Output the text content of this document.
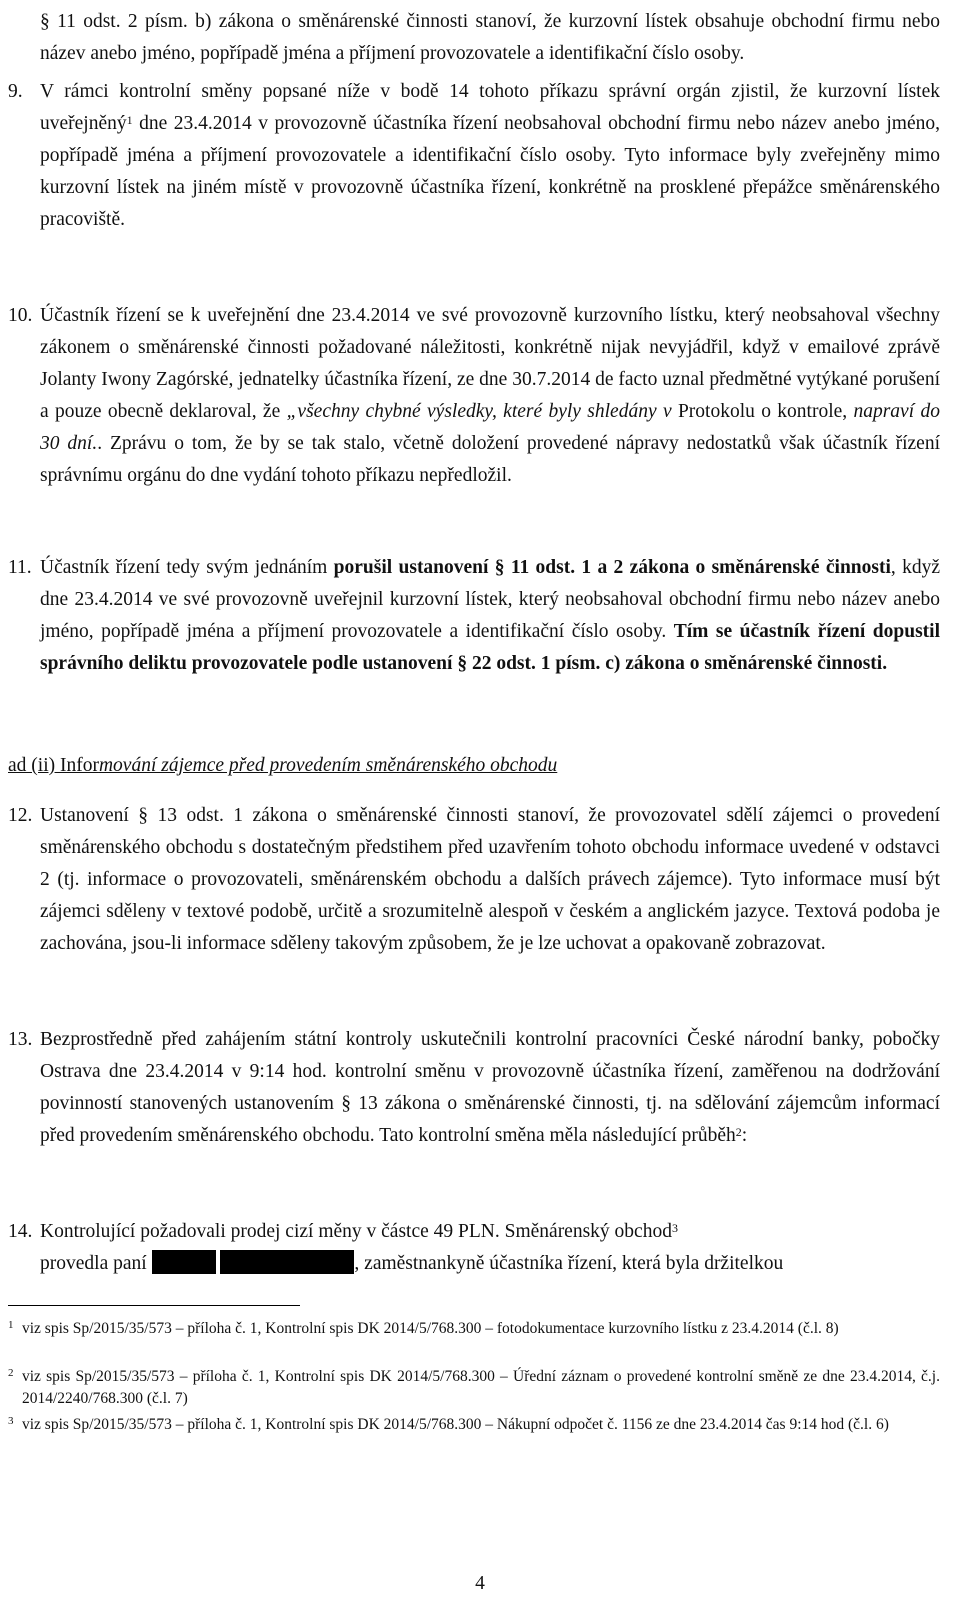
§ 11 odst. 2 písm. b) zákona o směnárenské činnosti stanoví, že kurzovní lístek obsahuje obchodní firmu nebo název anebo jméno, popřípadě jména a příjmení provozovatele a identifikační číslo osoby.
9. V rámci kontrolní směny popsané níže v bodě 14 tohoto příkazu správní orgán zjistil, že kurzovní lístek uveřejněný$^1$ dne 23.4.2014 v provozovně účastníka řízení neobsahoval obchodní firmu nebo název anebo jméno, popřípadě jména a příjmení provozovatele a identifikační číslo osoby. Tyto informace byly zveřejněny mimo kurzovní lístek na jiném místě v provozovně účastníka řízení, konkrétně na prosklené přepážce směnárenského pracoviště.
10. Účastník řízení se k uveřejnění dne 23.4.2014 ve své provozovně kurzovního lístku, který neobsahoval všechny zákonem o směnárenské činnosti požadované náležitosti, konkrétně nijak nevyjádřil, když v emailové zprávě Jolanty Iwony Zagórské, jednatelky účastníka řízení, ze dne 30.7.2014 de facto uznal předmětné vytýkané porušení a pouze obecně deklaroval, že „všechny chybné výsledky, které byly shledány v Protokolu o kontrole, napraví do 30 dní.. Zprávu o tom, že by se tak stalo, včetně doložení provedené nápravy nedostatků však účastník řízení správnímu orgánu do dne vydání tohoto příkazu nepředložil.
11. Účastník řízení tedy svým jednáním porušil ustanovení § 11 odst. 1 a 2 zákona o směnárenské činnosti, když dne 23.4.2014 ve své provozovně uveřejnil kurzovní lístek, který neobsahoval obchodní firmu nebo název anebo jméno, popřípadě jména a příjmení provozovatele a identifikační číslo osoby. Tím se účastník řízení dopustil správního deliktu provozovatele podle ustanovení § 22 odst. 1 písm. c) zákona o směnárenské činnosti.
ad (ii) Informování zájemce před provedením směnárenského obchodu
12. Ustanovení § 13 odst. 1 zákona o směnárenské činnosti stanoví, že provozovatel sdělí zájemci o provedení směnárenského obchodu s dostatečným předstihem před uzavřením tohoto obchodu informace uvedené v odstavci 2 (tj. informace o provozovateli, směnárenském obchodu a dalších právech zájemce). Tyto informace musí být zájemci sděleny v textové podobě, určitě a srozumitelně alespoň v českém a anglickém jazyce. Textová podoba je zachována, jsou-li informace sděleny takovým způsobem, že je lze uchovat a opakovaně zobrazovat.
13. Bezprostředně před zahájením státní kontroly uskutečnili kontrolní pracovníci České národní banky, pobočky Ostrava dne 23.4.2014 v 9:14 hod. kontrolní směnu v provozovně účastníka řízení, zaměřenou na dodržování povinností stanovených ustanovením § 13 zákona o směnárenské činnosti, tj. na sdělování zájemcům informací před provedením směnárenského obchodu. Tato kontrolní směna měla následující průběh$^2$:
14. Kontrolující požadovali prodej cizí měny v částce 49 PLN. Směnárenský obchod$^3$
provedla paní	, zaměstnankyně účastníka řízení, která byla držitelkou
1 viz spis Sp/2015/35/573 – příloha č. 1, Kontrolní spis DK 2014/5/768.300 – fotodokumentace kurzovního lístku z 23.4.2014 (č.l. 8)
2 viz spis Sp/2015/35/573 – příloha č. 1, Kontrolní spis DK 2014/5/768.300 – Úřední záznam o provedené kontrolní směně ze dne 23.4.2014, č.j. 2014/2240/768.300 (č.l. 7)
3 viz spis Sp/2015/35/573 – příloha č. 1, Kontrolní spis DK 2014/5/768.300 – Nákupní odpočet č. 1156 ze dne 23.4.2014 čas 9:14 hod (č.l. 6)
4
